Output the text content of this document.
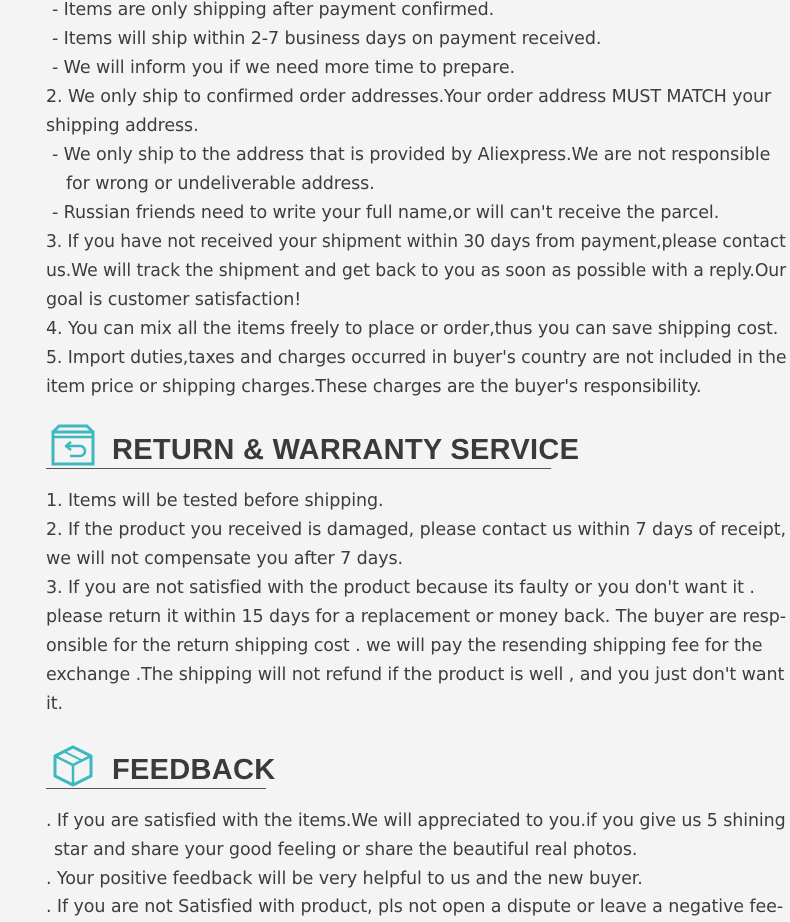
- Items are only shipping after payment confirmed.
- Items will ship within 2-7 business days on payment received.
- We will inform you if we need more time to prepare.
2. We only ship to confirmed order addresses.Your order address MUST MATCH your
shipping address.
- We only ship to the address that is provided by Aliexpress.We are not responsible
for wrong or undeliverable address.
- Russian friends need to write your full name,or will can't receive the parcel.
3. If you have not received your shipment within 30 days from payment,please contact
us.We will track the shipment and get back to you as soon as possible with a reply.Our
goal is customer satisfaction!
4. You can mix all the items freely to place or order,thus you can save shipping cost.
5. Import duties,taxes and charges occurred in buyer's country are not included in the
item price or shipping charges.These charges are the buyer's responsibility.
RETURN & WARRANTY SERVICE
1. Items will be tested before shipping.
2. If the product you received is damaged, please contact us within 7 days of receipt,
we will not compensate you after 7 days.
3. If you are not satisfied with the product because its faulty or you don't want it .
please return it within 15 days for a replacement or money back. The buyer are resp-
onsible for the return shipping cost . we will pay the resending shipping fee for the
exchange .The shipping will not refund if the product is well , and you just don't want
it.
FEEDBACK
. If you are satisfied with the items.We will appreciated to you.if you give us 5 shining
star and share your good feeling or share the beautiful real photos.
. Your positive feedback will be very helpful to us and the new buyer.
. If you are not Satisfied with product, pls not open a dispute or leave a negative fee-
